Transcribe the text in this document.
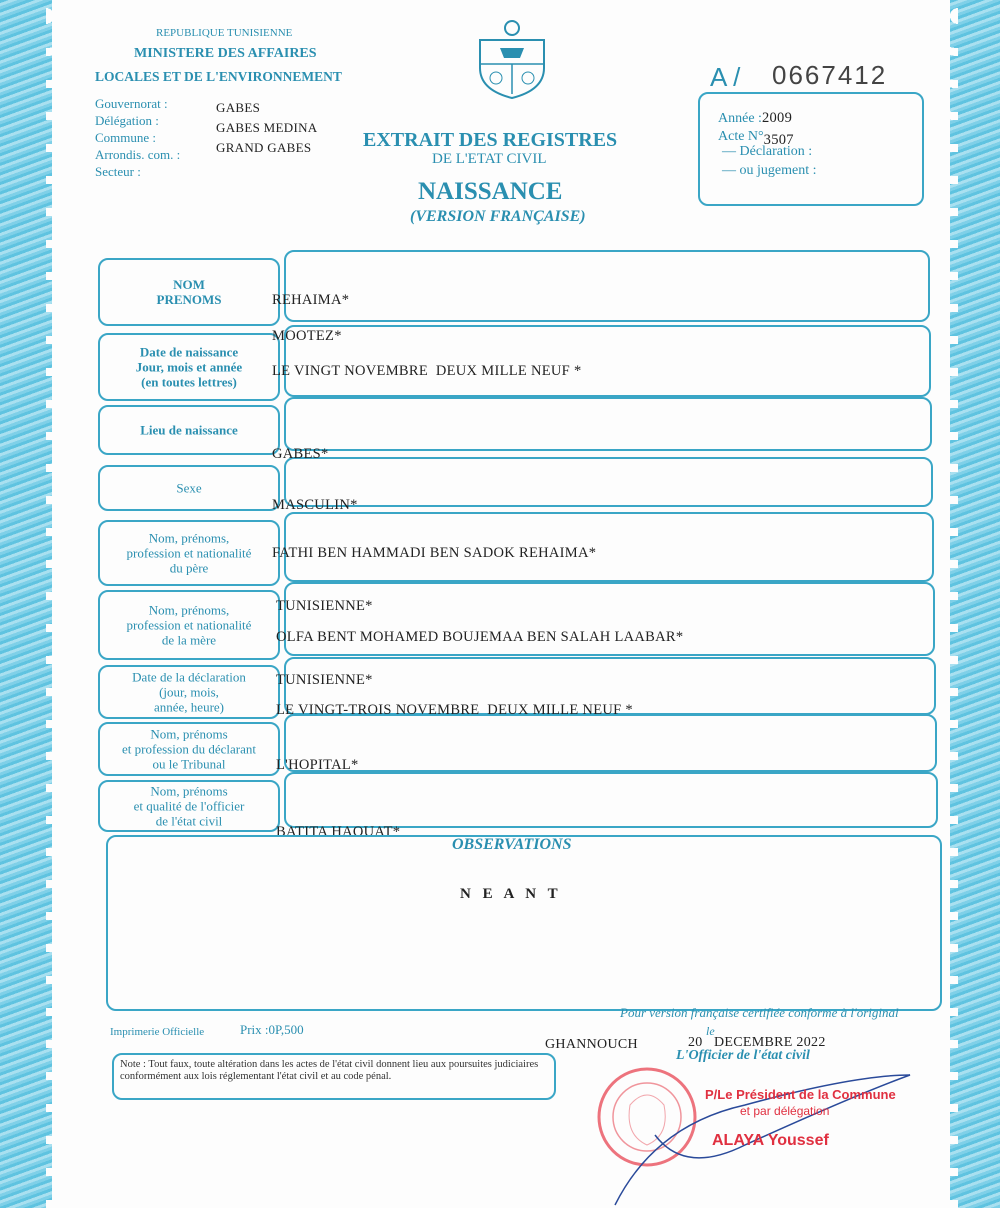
REPUBLIQUE TUNISIENNE
MINISTERE DES AFFAIRES
LOCALES ET DE L'ENVIRONNEMENT
Gouvernorat :
Délégation :
Commune :
Arrondis. com. :
Secteur :
GABES
GABES MEDINA
GRAND GABES	EXTRAIT DES REGISTRES
DE L'ETAT CIVIL
NAISSANCE
(VERSION FRANÇAISE)
A / 0667412
Année :2009
Acte N°3507
— Déclaration :
— ou jugement :
NOM
PRENOMS
Date de naissance
Jour, mois et année
(en toutes lettres)
Lieu de naissance
Sexe
Nom, prénoms,
profession et nationalité
du père
Nom, prénoms,
profession et nationalité
de la mère
Date de la déclaration
(jour, mois,
année, heure)
Nom, prénoms
et profession du déclarant
ou le Tribunal
Nom, prénoms
et qualité de l'officier
de l'état civil
REHAIMA*
MOOTEZ*
LE VINGT NOVEMBRE  DEUX MILLE NEUF *
GABES*
MASCULIN*
FATHI BEN HAMMADI BEN SADOK REHAIMA*
TUNISIENNE*
OLFA BENT MOHAMED BOUJEMAA BEN SALAH LAABAR*
TUNISIENNE*
LE VINGT-TROIS NOVEMBRE  DEUX MILLE NEUF *
L'HOPITAL*
BATITA HAOUAT*
OBSERVATIONS
N E A N T
Pour version française certifiée conforme à l'original
Imprimerie Officielle	Prix :0P,500
GHANNOUCH
le
20   DECEMBRE 2022
L'Officier de l'état civil
Note : Tout faux, toute altération dans les actes de l'état civil donnent lieu aux poursuites judiciaires conformément aux lois réglementant l'état civil et au code pénal.
P/Le Président de la Commune
et par délégation
ALAYA Youssef
